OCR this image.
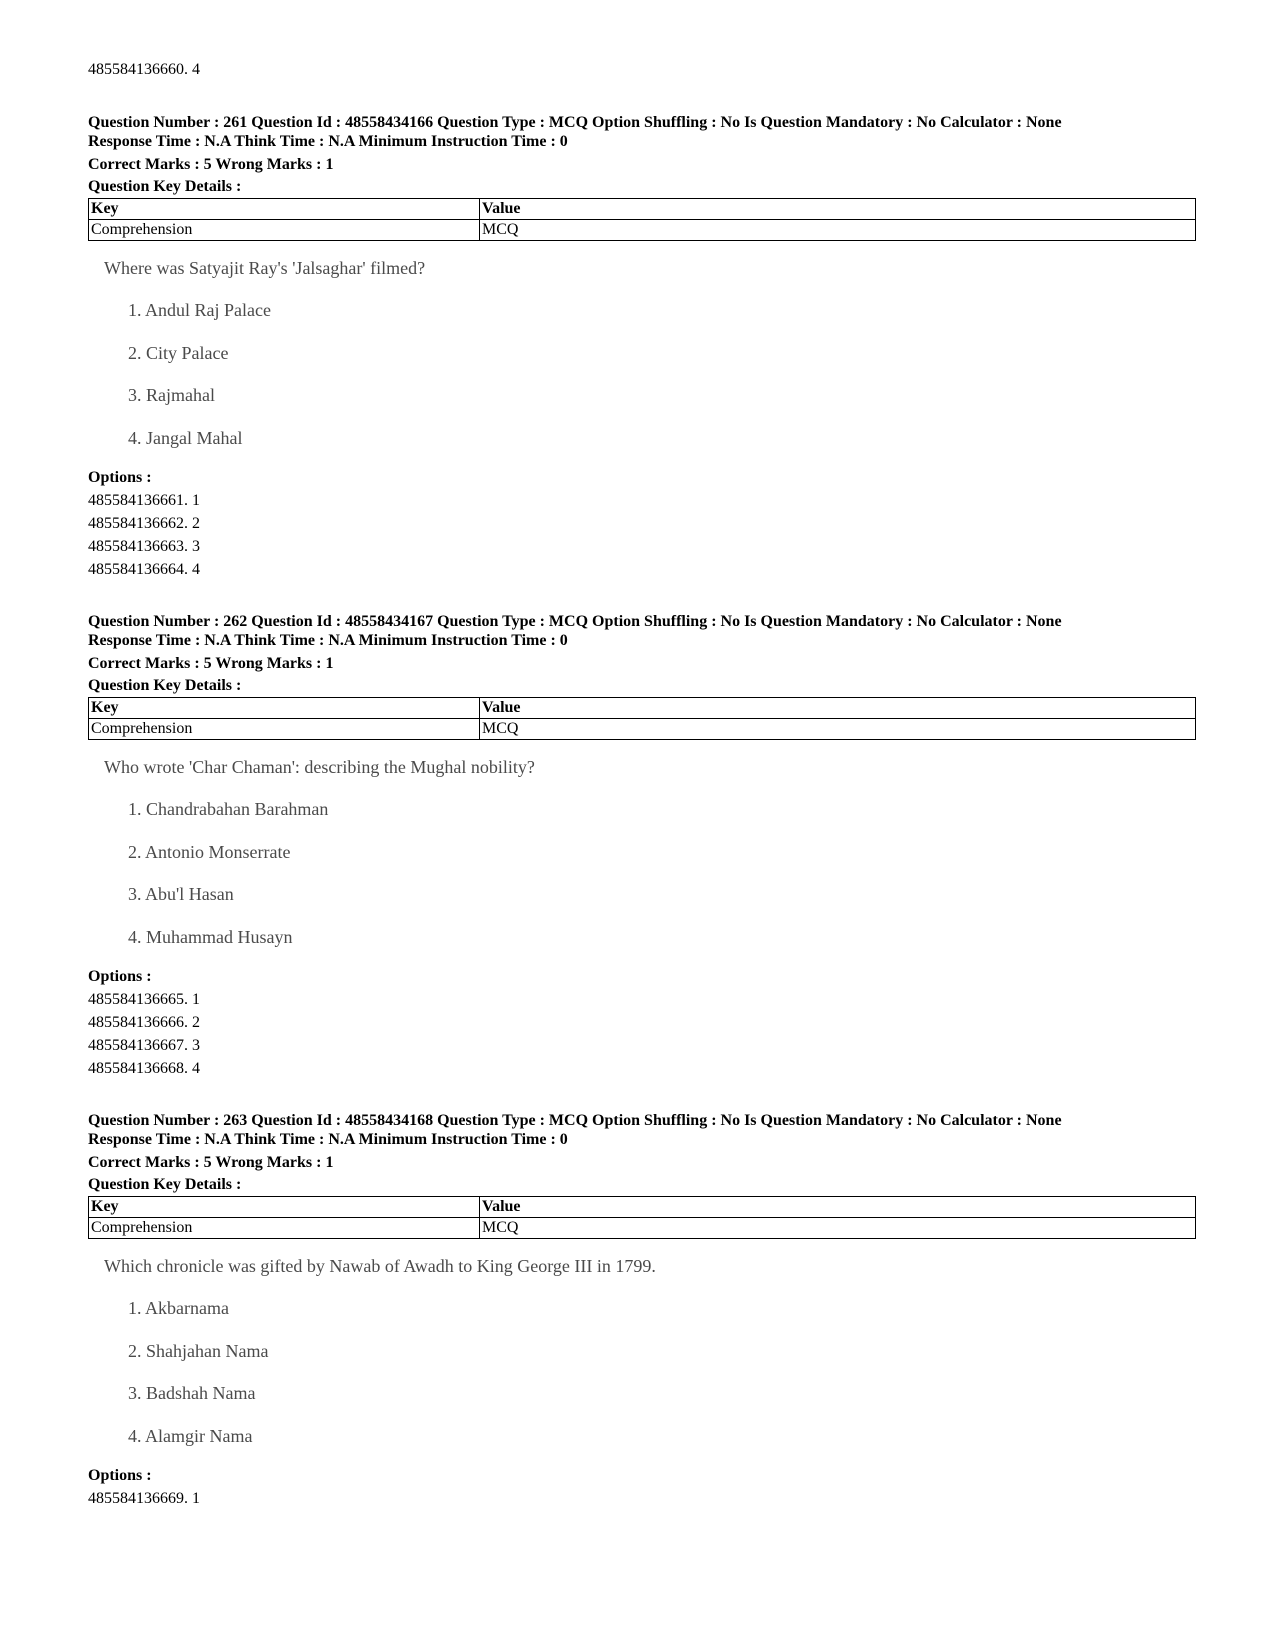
485584136660. 4
Question Number : 261 Question Id : 48558434166 Question Type : MCQ Option Shuffling : No Is Question Mandatory : No Calculator : None
Response Time : N.A Think Time : N.A Minimum Instruction Time : 0
Correct Marks : 5 Wrong Marks : 1
Question Key Details :
Key	Value
Comprehension	MCQ
Where was Satyajit Ray's 'Jalsaghar' filmed?
1. Andul Raj Palace
2. City Palace
3. Rajmahal
4. Jangal Mahal
Options :
485584136661. 1
485584136662. 2
485584136663. 3
485584136664. 4
Question Number : 262 Question Id : 48558434167 Question Type : MCQ Option Shuffling : No Is Question Mandatory : No Calculator : None
Response Time : N.A Think Time : N.A Minimum Instruction Time : 0
Correct Marks : 5 Wrong Marks : 1
Question Key Details :
Key	Value
Comprehension	MCQ
Who wrote 'Char Chaman': describing the Mughal nobility?
1. Chandrabahan Barahman
2. Antonio Monserrate
3. Abu'l Hasan
4. Muhammad Husayn
Options :
485584136665. 1
485584136666. 2
485584136667. 3
485584136668. 4
Question Number : 263 Question Id : 48558434168 Question Type : MCQ Option Shuffling : No Is Question Mandatory : No Calculator : None
Response Time : N.A Think Time : N.A Minimum Instruction Time : 0
Correct Marks : 5 Wrong Marks : 1
Question Key Details :
Key	Value
Comprehension	MCQ
Which chronicle was gifted by Nawab of Awadh to King George III in 1799.
1. Akbarnama
2. Shahjahan Nama
3. Badshah Nama
4. Alamgir Nama
Options :
485584136669. 1
